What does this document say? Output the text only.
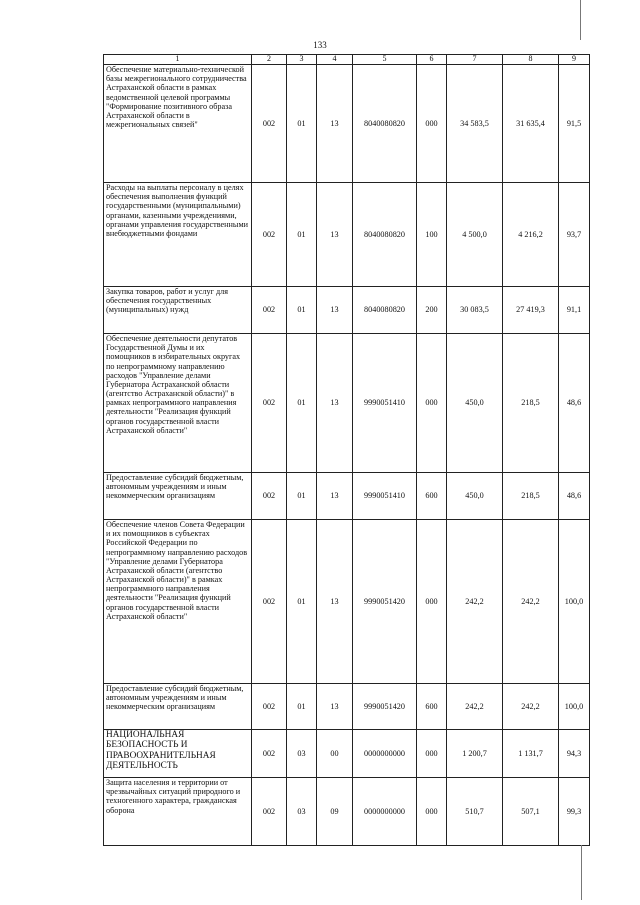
133
1	2	3	4	5	6	7	8	9
Обеспечение материально-технической базы межрегионального сотрудничества Астраханской области в рамках ведомственной целевой программы "Формирование позитивного образа Астраханской области в межрегиональных связей"	002	01	13	8040080820	000	34 583,5	31 635,4	91,5
Расходы на выплаты персоналу в целях обеспечения выполнения функций государственными (муниципальными) органами, казенными учреждениями, органами управления государственными внебюджетными фондами	002	01	13	8040080820	100	4 500,0	4 216,2	93,7
Закупка товаров, работ и услуг для обеспечения государственных (муниципальных) нужд	002	01	13	8040080820	200	30 083,5	27 419,3	91,1
Обеспечение деятельности депутатов Государственной Думы и их помощников в избирательных округах по непрограммному направлению расходов "Управление делами Губернатора Астраханской области (агентство Астраханской области)" в рамках непрограммного направления деятельности "Реализация функций органов государственной власти Астраханской области"	002	01	13	9990051410	000	450,0	218,5	48,6
Предоставление субсидий бюджетным, автономным учреждениям и иным некоммерческим организациям	002	01	13	9990051410	600	450,0	218,5	48,6
Обеспечение членов Совета Федерации и их помощников в субъектах Российской Федерации по непрограммному направлению расходов "Управление делами Губернатора Астраханской области (агентство Астраханской области)" в рамках непрограммного направления деятельности "Реализация функций органов государственной власти Астраханской области"	002	01	13	9990051420	000	242,2	242,2	100,0
Предоставление субсидий бюджетным, автономным учреждениям и иным некоммерческим организациям	002	01	13	9990051420	600	242,2	242,2	100,0
НАЦИОНАЛЬНАЯ БЕЗОПАСНОСТЬ И ПРАВООХРАНИТЕЛЬНАЯ ДЕЯТЕЛЬНОСТЬ	002	03	00	0000000000	000	1 200,7	1 131,7	94,3
Защита населения и территории от чрезвычайных ситуаций природного и техногенного характера, гражданская оборона	002	03	09	0000000000	000	510,7	507,1	99,3
